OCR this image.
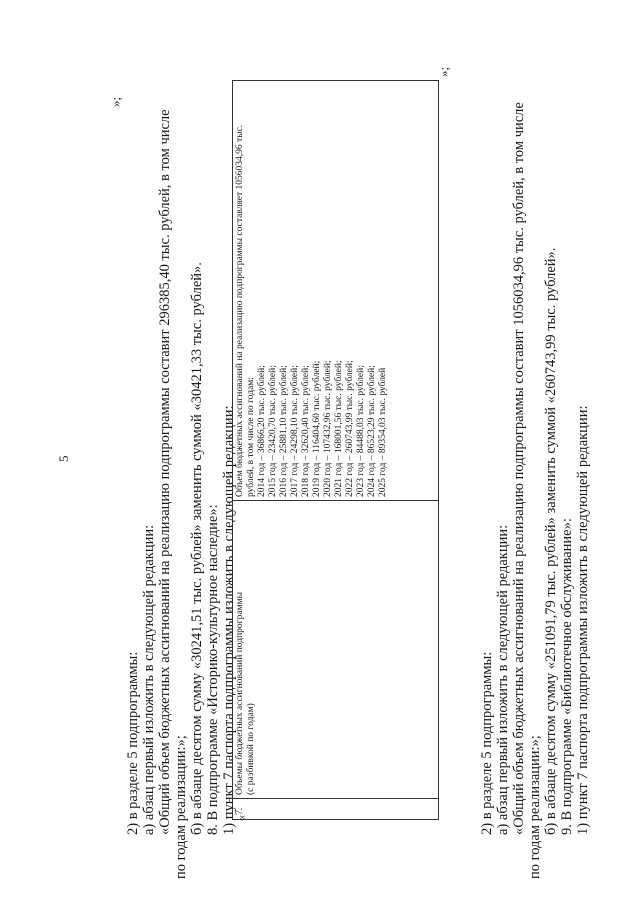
5
»;
2) в разделе 5 подпрограммы: а) абзац первый изложить в следующей редакции: «Общий объем бюджетных ассигнований на реализацию подпрограммы составит 296385,40 тыс. рублей, в том числе по годам реализации:»; б) в абзаце десятом сумму «30241,51 тыс. рублей» заменить суммой «30421,33 тыс. рублей». 8. В подпрограмме «Историко-культурное наследие»: 1) пункт 7 паспорта подпрограммы изложить в следующей редакции:
«
7.
Объемы бюджетных ассигнований подпрограммы (с разбивкой по годам)
Объем бюджетных ассигнований на реализацию подпрограммы составляет 1056034,96 тыс. рублей, в том числе по годам: 2014 год – 36866,20 тыс. рублей; 2015 год – 23420,70 тыс. рублей; 2016 год – 25881,10 тыс. рублей; 2017 год – 24298,10 тыс. рублей; 2018 год – 32620,40 тыс. рублей; 2019 год – 116404,60 тыс. рублей; 2020 год – 107432,96 тыс. рублей; 2021 год – 168001,56 тыс. рублей; 2022 год – 260743,99 тыс. рублей; 2023 год – 84488,03 тыс. рублей; 2024 год – 86523,29 тыс. рублей; 2025 год – 89354,03 тыс. рублей
»;
2) в разделе 5 подпрограммы: а) абзац первый изложить в следующей редакции: «Общий объем бюджетных ассигнований на реализацию подпрограммы составит 1056034,96 тыс. рублей, в том числе по годам реализации:»; б) в абзаце десятом сумму «251091,79 тыс. рублей» заменить суммой «260743,99 тыс. рублей». 9. В подпрограмме «Библиотечное обслуживание»: 1) пункт 7 паспорта подпрограммы изложить в следующей редакции:
